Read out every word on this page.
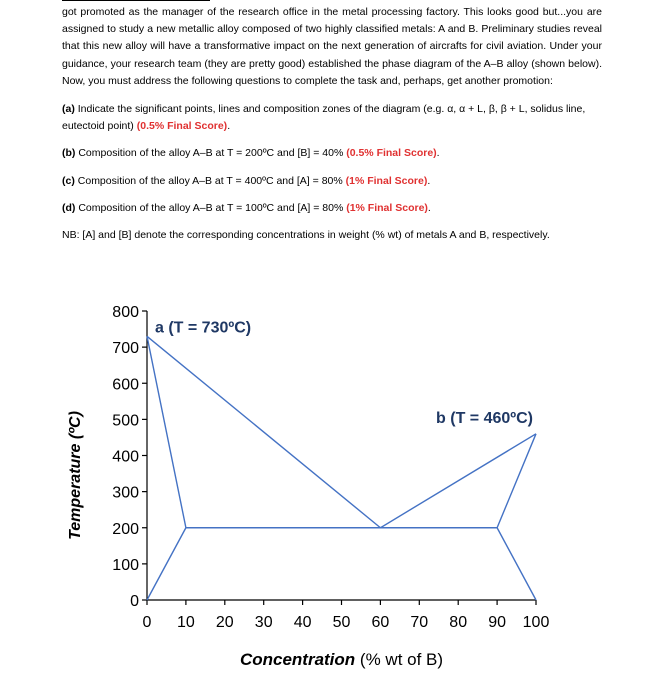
got promoted as the manager of the research office in the metal processing factory. This looks good but...you are assigned to study a new metallic alloy composed of two highly classified metals: A and B. Preliminary studies reveal that this new alloy will have a transformative impact on the next generation of aircrafts for civil aviation. Under your guidance, your research team (they are pretty good) established the phase diagram of the A–B alloy (shown below). Now, you must address the following questions to complete the task and, perhaps, get another promotion:

(a) Indicate the significant points, lines and composition zones of the diagram (e.g. α, α + L, β, β + L, solidus line, eutectoid point) (0.5% Final Score).

(b) Composition of the alloy A–B at T = 200ºC and [B] = 40% (0.5% Final Score).

(c) Composition of the alloy A–B at T = 400ºC and [A] = 80% (1% Final Score).

(d) Composition of the alloy A–B at T = 100ºC and [A] = 80% (1% Final Score).

NB: [A] and [B] denote the corresponding concentrations in weight (% wt) of metals A and B, respectively.

0
100
200
300
400
500
600
700
800
0 10 20 30 40 50 60 70 80 90 100
a (T = 730ºC)
b (T = 460ºC)
Concentration (% wt of B)
Temperature (ºC)
